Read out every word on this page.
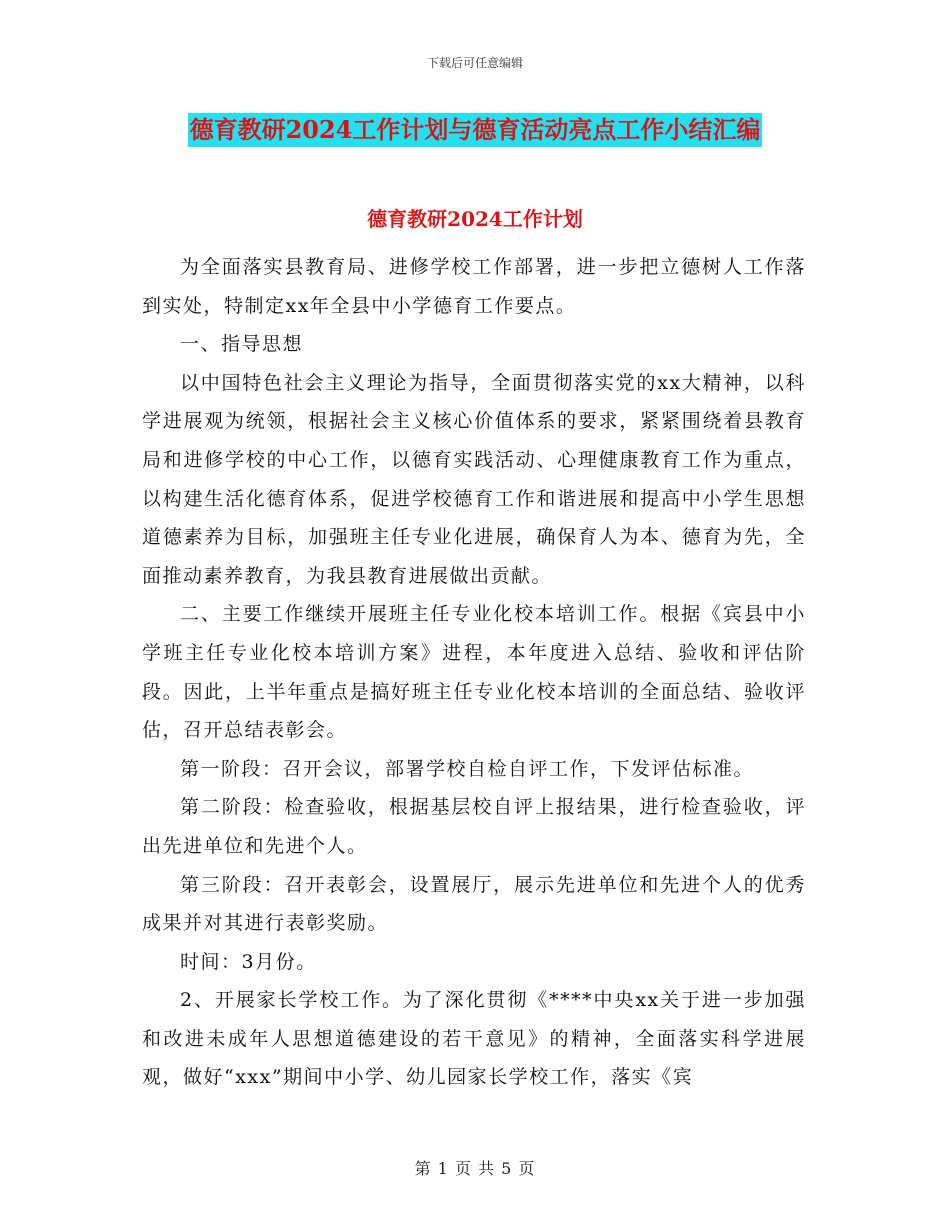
下载后可任意编辑
德育教研2024工作计划与德育活动亮点工作小结汇编
德育教研2024工作计划

为全面落实县教育局、进修学校工作部署，进一步把立德树人工作落到实处，特制定xx年全县中小学德育工作要点。

一、指导思想

以中国特色社会主义理论为指导，全面贯彻落实党的xx大精神，以科学进展观为统领，根据社会主义核心价值体系的要求，紧紧围绕着县教育局和进修学校的中心工作，以德育实践活动、心理健康教育工作为重点，以构建生活化德育体系，促进学校德育工作和谐进展和提高中小学生思想道德素养为目标，加强班主任专业化进展，确保育人为本、德育为先，全面推动素养教育，为我县教育进展做出贡献。

二、主要工作继续开展班主任专业化校本培训工作。根据《宾县中小学班主任专业化校本培训方案》进程，本年度进入总结、验收和评估阶段。因此，上半年重点是搞好班主任专业化校本培训的全面总结、验收评估，召开总结表彰会。

第一阶段：召开会议，部署学校自检自评工作，下发评估标准。

第二阶段：检查验收，根据基层校自评上报结果，进行检查验收，评出先进单位和先进个人。

第三阶段：召开表彰会，设置展厅，展示先进单位和先进个人的优秀成果并对其进行表彰奖励。

时间：3月份。

2、开展家长学校工作。为了深化贯彻《****中央xx关于进一步加强和改进未成年人思想道德建设的若干意见》的精神，全面落实科学进展观，做好“xxx”期间中小学、幼儿园家长学校工作，落实《宾

第 1 页 共 5 页
